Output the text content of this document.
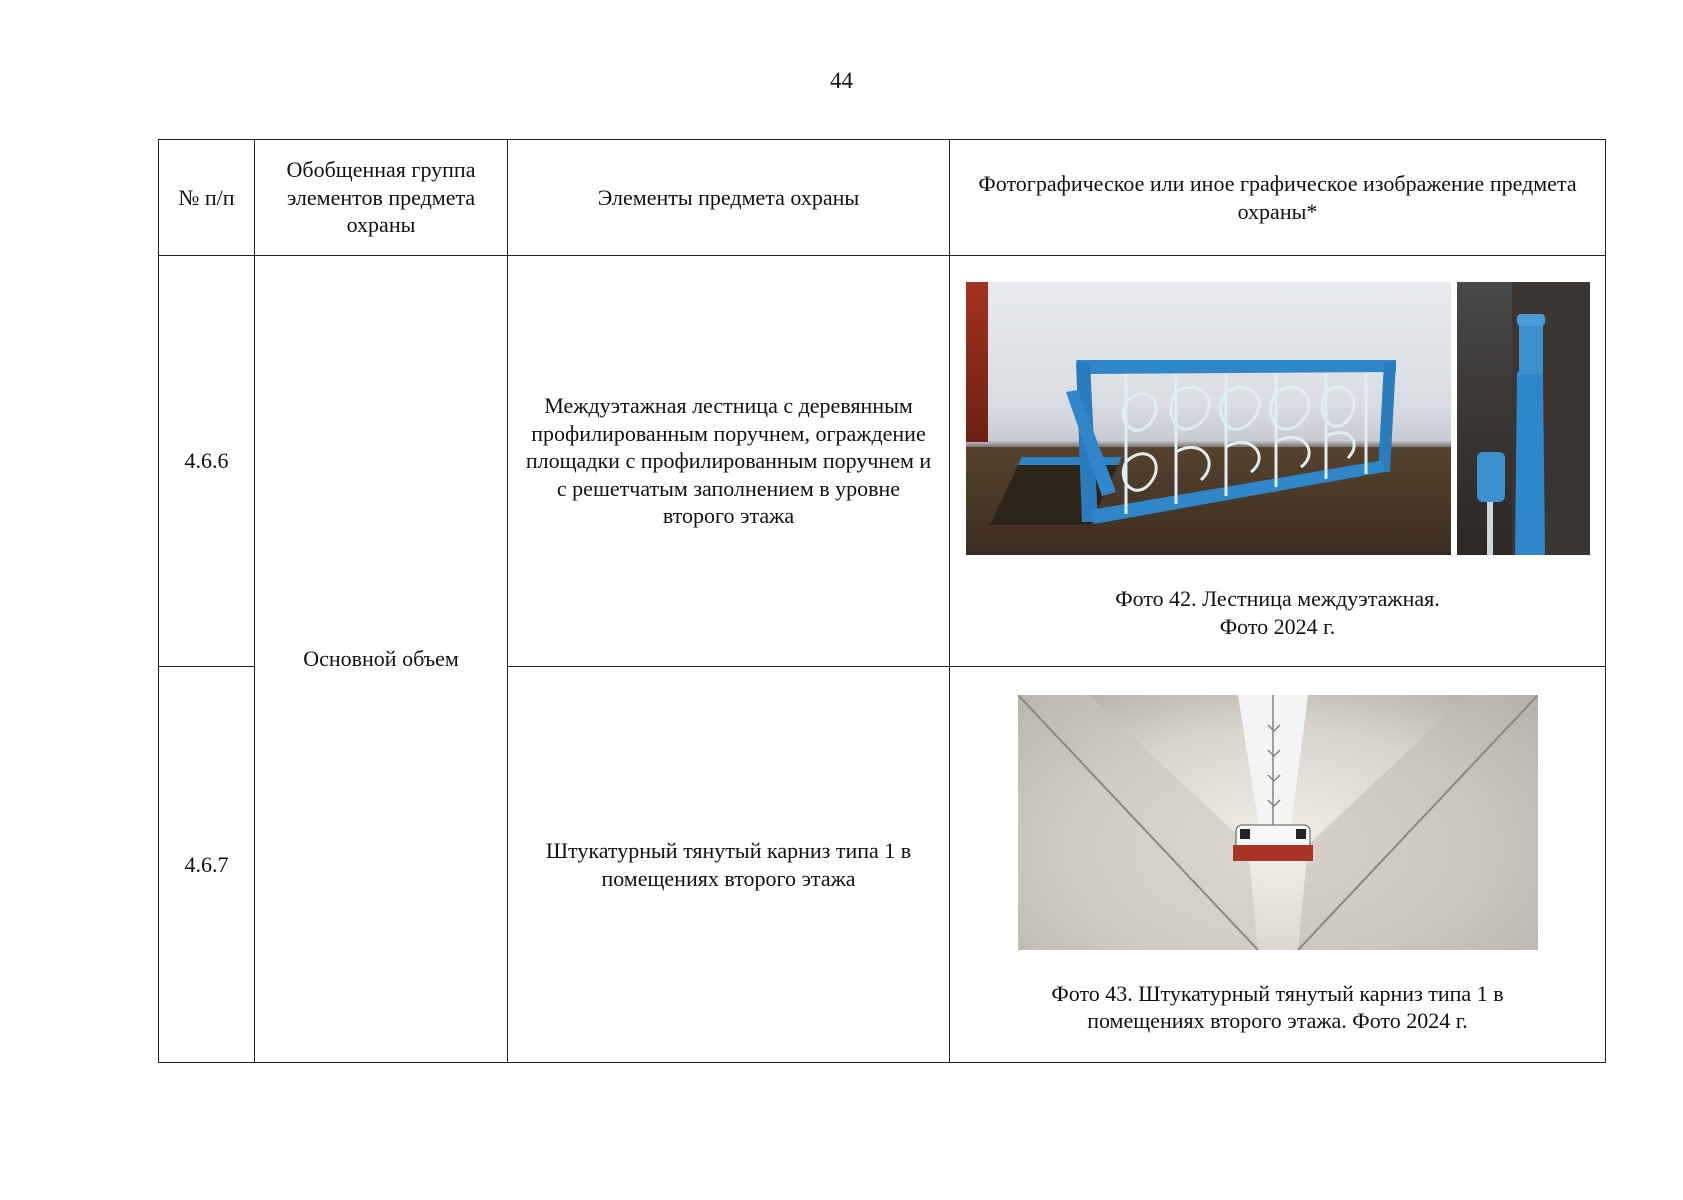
44
№ п/п	Обобщенная группа элементов предмета охраны	Элементы предмета охраны	Фотографическое или иное графическое изображение предмета охраны*
4.6.6	Основной объем	Междуэтажная лестница с деревянным профилированным поручнем, ограждение площадки с профилированным поручнем и с решетчатым заполнением в уровне второго этажа	Фото 42. Лестница междуэтажная.
Фото 2024 г.

4.6.7		Штукатурный тянутый карниз типа 1 в помещениях второго этажа	Фото 43. Штукатурный тянутый карниз типа 1 в
помещениях второго этажа. Фото 2024 г.
